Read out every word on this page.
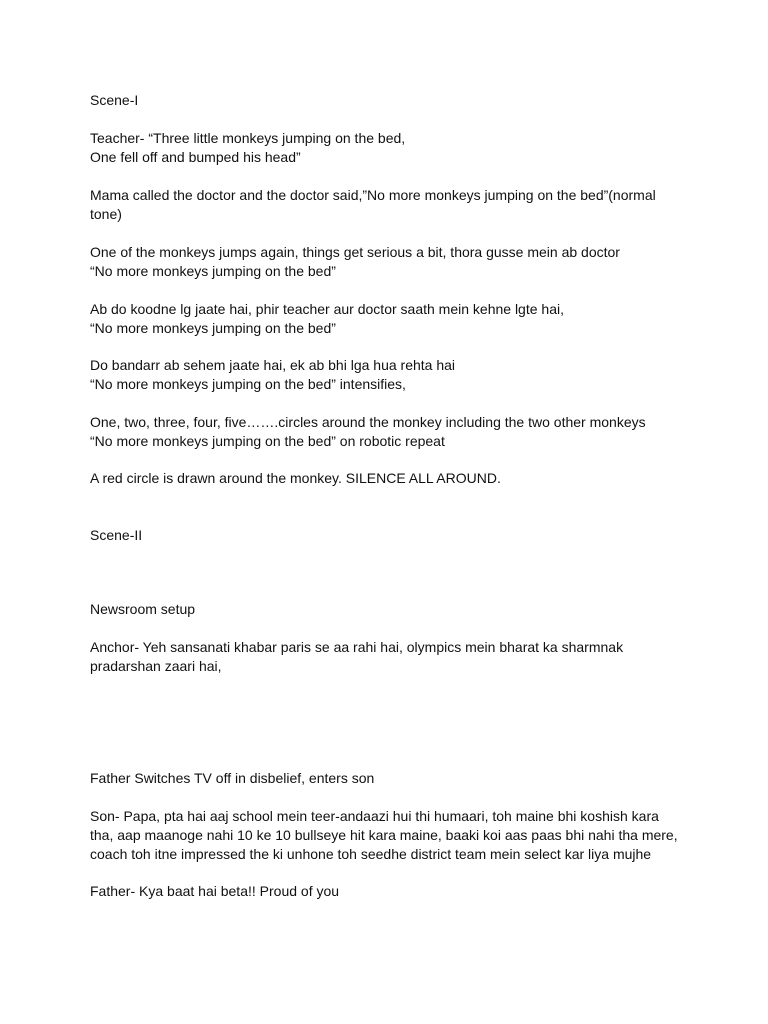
Scene-I
Teacher- “Three little monkeys jumping on the bed,
One fell off and bumped his head”
Mama called the doctor and the doctor said,”No more monkeys jumping on the bed”(normal
tone)
One of the monkeys jumps again, things get serious a bit, thora gusse mein ab doctor
“No more monkeys jumping on the bed”
Ab do koodne lg jaate hai, phir teacher aur doctor saath mein kehne lgte hai,
“No more monkeys jumping on the bed”
Do bandarr ab sehem jaate hai, ek ab bhi lga hua rehta hai
“No more monkeys jumping on the bed” intensifies,
One, two, three, four, five…….circles around the monkey including the two other monkeys
“No more monkeys jumping on the bed” on robotic repeat
A red circle is drawn around the monkey. SILENCE ALL AROUND.
Scene-II
Newsroom setup
Anchor- Yeh sansanati khabar paris se aa rahi hai, olympics mein bharat ka sharmnak
pradarshan zaari hai,
Father Switches TV off in disbelief, enters son
Son- Papa, pta hai aaj school mein teer-andaazi hui thi humaari, toh maine bhi koshish kara
tha, aap maanoge nahi 10 ke 10 bullseye hit kara maine, baaki koi aas paas bhi nahi tha mere,
coach toh itne impressed the ki unhone toh seedhe district team mein select kar liya mujhe
Father- Kya baat hai beta!! Proud of you
